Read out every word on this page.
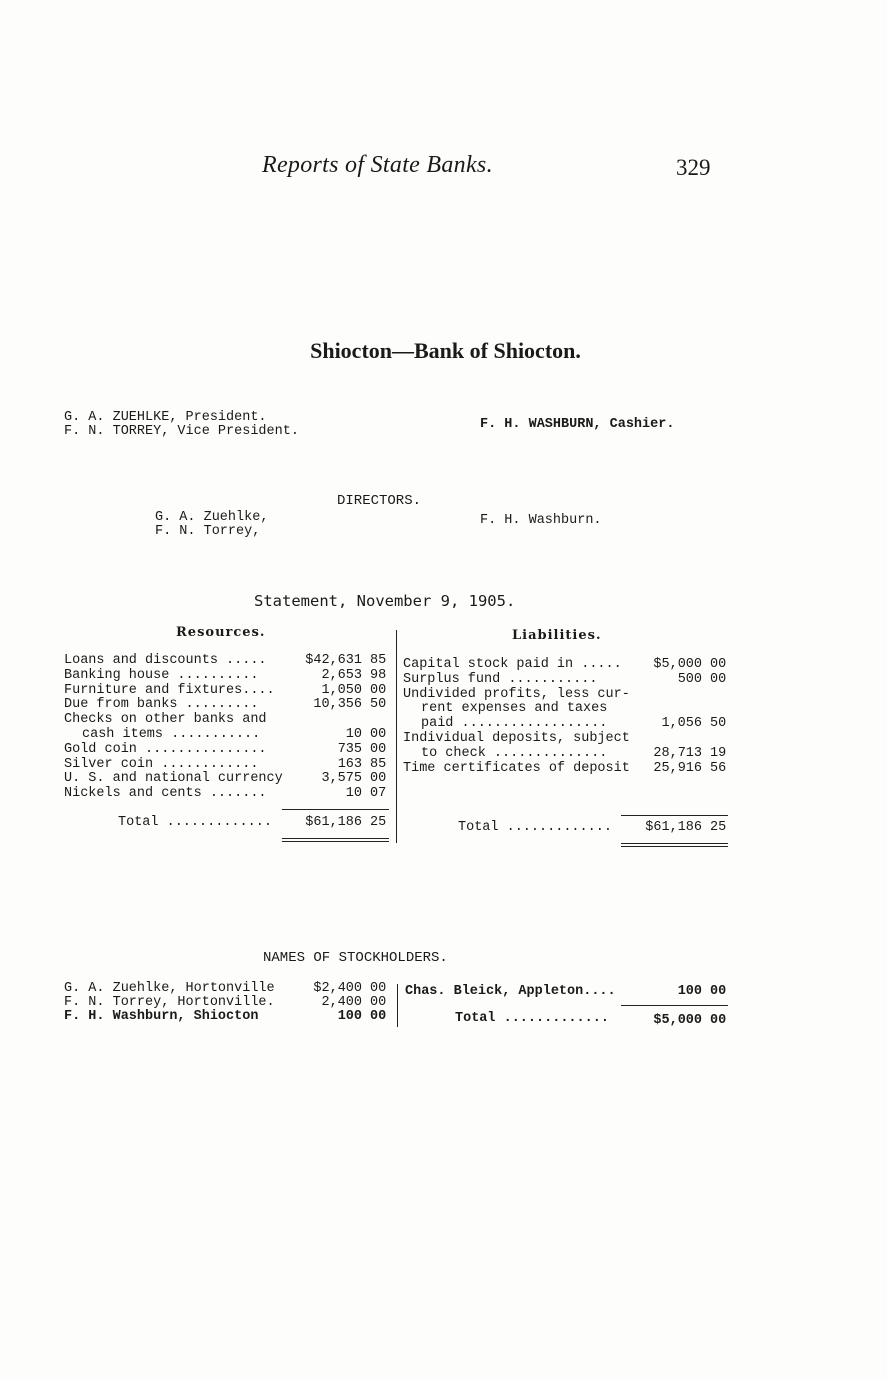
Reports of State Banks.	329
Shiocton—Bank of Shiocton.
G. A. ZUEHLKE, President.
F. N. TORREY, Vice President.	F. H. WASHBURN, Cashier.
DIRECTORS.
G. A. Zuehlke,
F. N. Torrey,
F. H. Washburn.
Statement, November 9, 1905.
Resources.	Liabilities.
Loans and discounts .....	$42,631 85
Banking house ..........	2,653 98
Furniture and fixtures....	1,050 00
Due from banks .........	10,356 50
Checks on other banks and
cash items ...........	10 00
Gold coin ...............	735 00
Silver coin ............	163 85
U. S. and national currency	3,575 00
Nickels and cents .......	10 07
Capital stock paid in .....	$5,000 00
Surplus fund ...........	500 00
Undivided profits, less cur-
rent expenses and taxes
paid ..................	1,056 50
Individual deposits, subject
to check ..............	28,713 19
Time certificates of deposit	25,916 56
Total .............	$61,186 25	Total .............	$61,186 25
NAMES OF STOCKHOLDERS.
G. A. Zuehlke, Hortonville	$2,400 00
F. N. Torrey, Hortonville.	2,400 00
F. H. Washburn, Shiocton	100 00
Chas. Bleick, Appleton....	100 00
Total .............	$5,000 00
